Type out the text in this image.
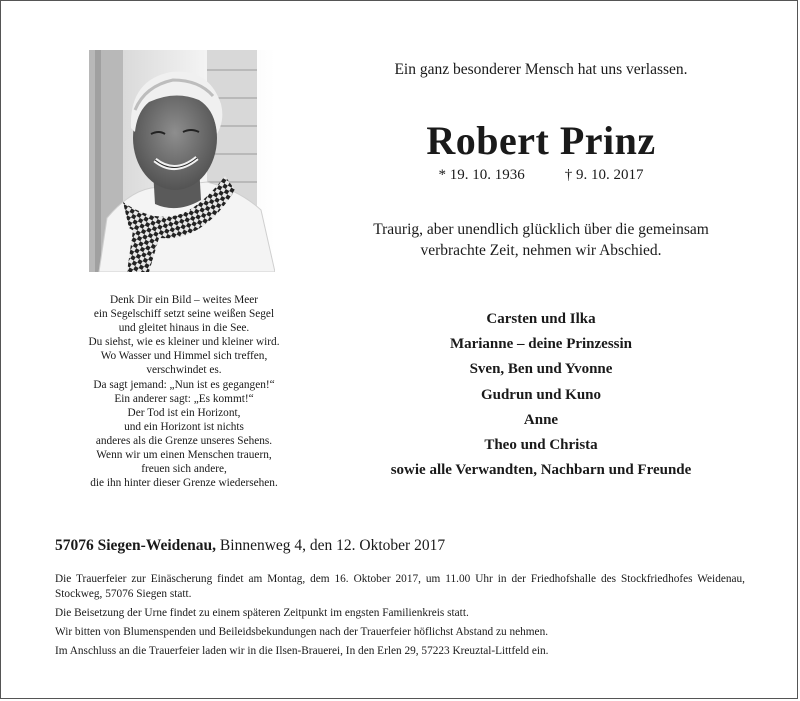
Denk Dir ein Bild – weites Meer
ein Segelschiff setzt seine weißen Segel
und gleitet hinaus in die See.
Du siehst, wie es kleiner und kleiner wird.
Wo Wasser und Himmel sich treffen,
verschwindet es.
Da sagt jemand: „Nun ist es gegangen!“
Ein anderer sagt: „Es kommt!“
Der Tod ist ein Horizont,
und ein Horizont ist nichts
anderes als die Grenze unseres Sehens.
Wenn wir um einen Menschen trauern,
freuen sich andere,
die ihn hinter dieser Grenze wiedersehen.
Ein ganz besonderer Mensch hat uns verlassen.
Robert Prinz
* 19. 10. 1936	† 9. 10. 2017
Traurig, aber unendlich glücklich über die gemeinsam
verbrachte Zeit, nehmen wir Abschied.
Carsten und Ilka
Marianne – deine Prinzessin
Sven, Ben und Yvonne
Gudrun und Kuno
Anne
Theo und Christa
sowie alle Verwandten, Nachbarn und Freunde
57076 Siegen-Weidenau, Binnenweg 4, den 12. Oktober 2017

Die Trauerfeier zur Einäscherung findet am Montag, dem 16. Oktober 2017, um 11.00 Uhr in der Friedhofshalle des Stockfriedhofes Weidenau, Stockweg, 57076 Siegen statt.

Die Beisetzung der Urne findet zu einem späteren Zeitpunkt im engsten Familienkreis statt.

Wir bitten von Blumenspenden und Beileidsbekundungen nach der Trauerfeier höflichst Abstand zu nehmen.

Im Anschluss an die Trauerfeier laden wir in die Ilsen-Brauerei, In den Erlen 29, 57223 Kreuztal-Littfeld ein.
